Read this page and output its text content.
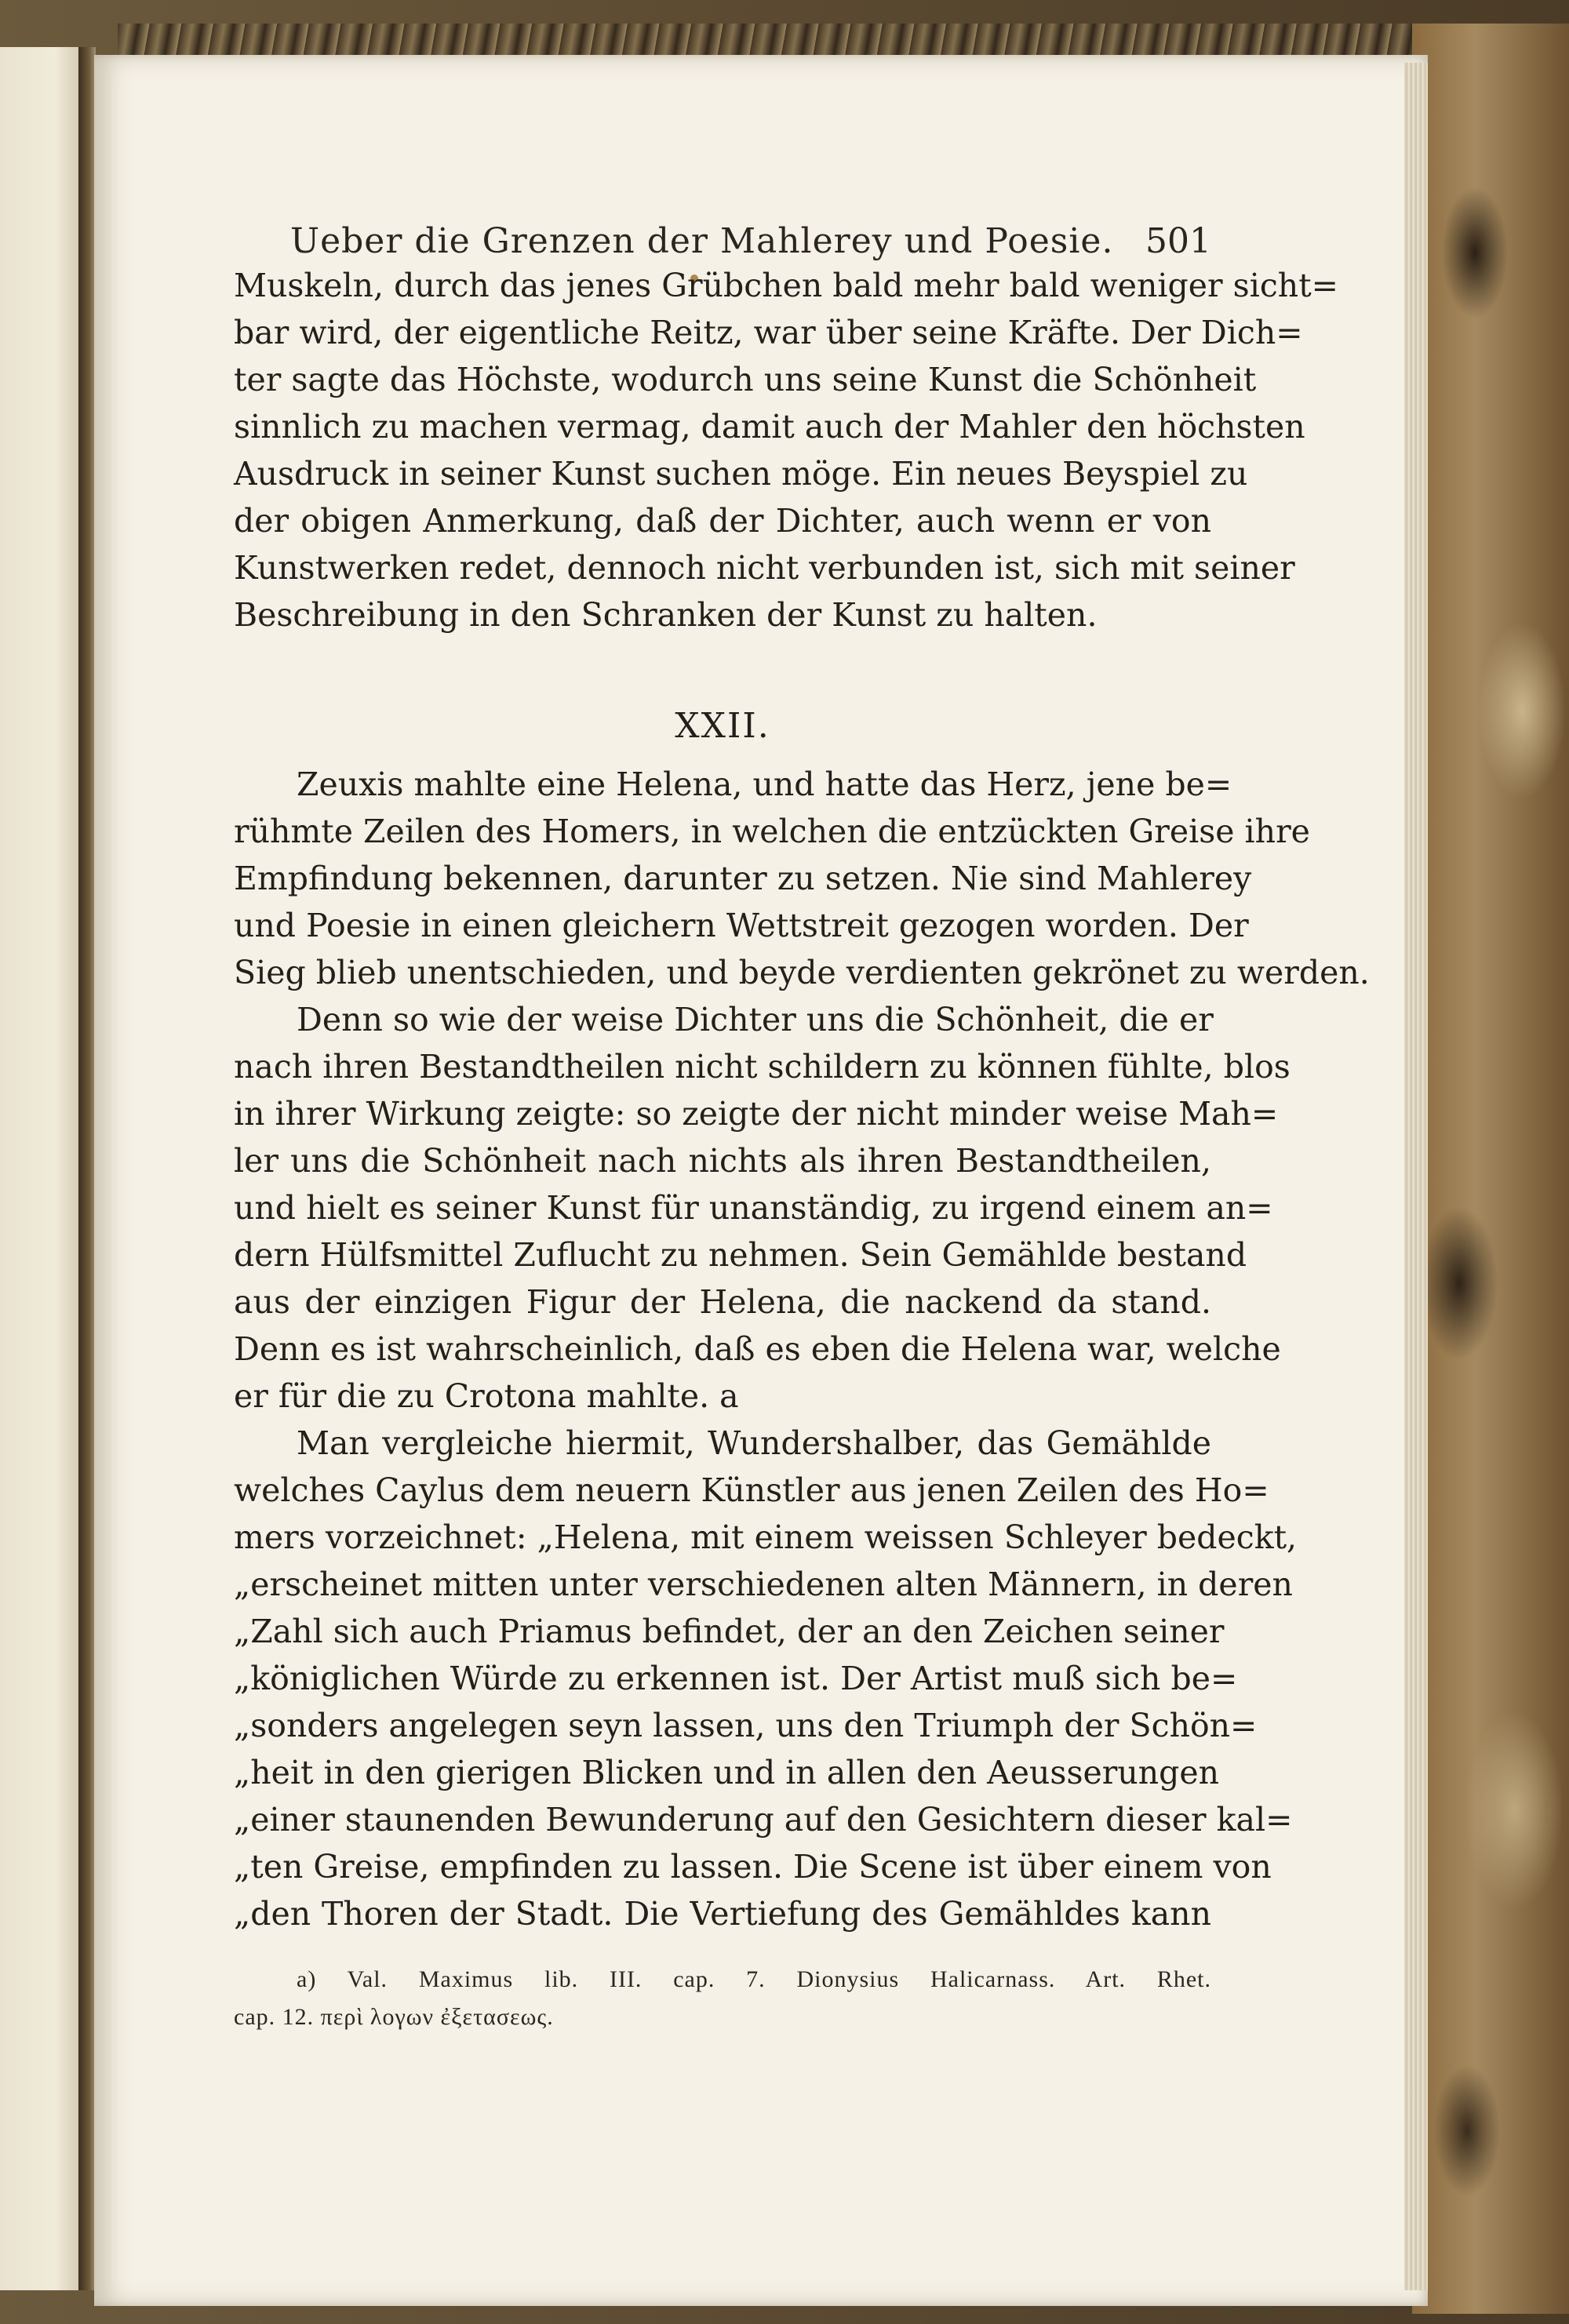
Ueber die Grenzen der Mahlerey und Poesie. 501
Muskeln, durch das jenes Grübchen bald mehr bald weniger sicht=
bar wird, der eigentliche Reitz, war über seine Kräfte. Der Dich=
ter sagte das Höchste, wodurch uns seine Kunst die Schönheit
sinnlich zu machen vermag, damit auch der Mahler den höchsten
Ausdruck in seiner Kunst suchen möge. Ein neues Beyspiel zu
der obigen Anmerkung, daß der Dichter, auch wenn er von
Kunstwerken redet, dennoch nicht verbunden ist, sich mit seiner
Beschreibung in den Schranken der Kunst zu halten.
XXII.
Zeuxis mahlte eine Helena, und hatte das Herz, jene be=
rühmte Zeilen des Homers, in welchen die entzückten Greise ihre
Empfindung bekennen, darunter zu setzen. Nie sind Mahlerey
und Poesie in einen gleichern Wettstreit gezogen worden. Der
Sieg blieb unentschieden, und beyde verdienten gekrönet zu werden.
Denn so wie der weise Dichter uns die Schönheit, die er
nach ihren Bestandtheilen nicht schildern zu können fühlte, blos
in ihrer Wirkung zeigte: so zeigte der nicht minder weise Mah=
ler uns die Schönheit nach nichts als ihren Bestandtheilen,
und hielt es seiner Kunst für unanständig, zu irgend einem an=
dern Hülfsmittel Zuflucht zu nehmen. Sein Gemählde bestand
aus der einzigen Figur der Helena, die nackend da stand.
Denn es ist wahrscheinlich, daß es eben die Helena war, welche
er für die zu Crotona mahlte. a
Man vergleiche hiermit, Wundershalber, das Gemählde
welches Caylus dem neuern Künstler aus jenen Zeilen des Ho=
mers vorzeichnet: „Helena, mit einem weissen Schleyer bedeckt,
„erscheinet mitten unter verschiedenen alten Männern, in deren
„Zahl sich auch Priamus befindet, der an den Zeichen seiner
„königlichen Würde zu erkennen ist. Der Artist muß sich be=
„sonders angelegen seyn lassen, uns den Triumph der Schön=
„heit in den gierigen Blicken und in allen den Aeusserungen
„einer staunenden Bewunderung auf den Gesichtern dieser kal=
„ten Greise, empfinden zu lassen. Die Scene ist über einem von
„den Thoren der Stadt. Die Vertiefung des Gemähldes kann
a) Val. Maximus lib. III. cap. 7. Dionysius Halicarnass. Art. Rhet.
cap. 12. περὶ λογων ἐξετασεως.
